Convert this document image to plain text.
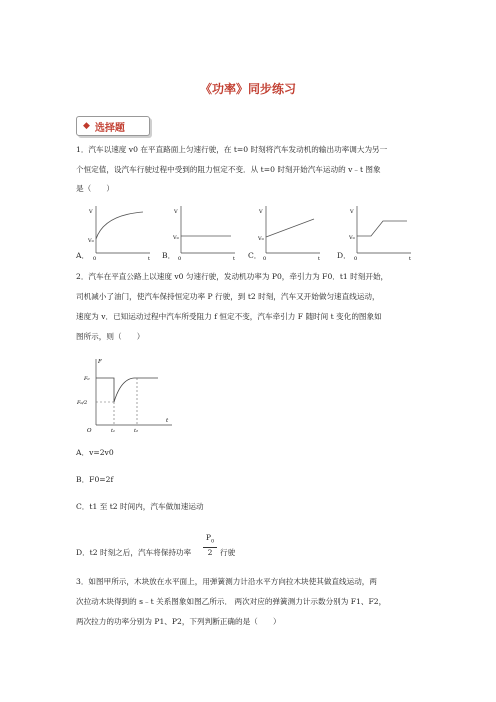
《功率》同步练习
◆ 选择题
1．汽车以速度 v0 在平直路面上匀速行驶，在 t=0 时刻将汽车发动机的输出功率调大为另一
个恒定值，设汽车行驶过程中受到的阻力恒定不变．从 t=0 时刻开始汽车运动的 v﹣t 图象
是（　　）
V
V₀
0	t
A．
V
V₀
0	t
B．
V
V₀
0	t
C．
V
V₀
0	t
D．
2．汽车在平直公路上以速度 v0 匀速行驶，发动机功率为 P0，牵引力为 F0．t1 时刻开始，
司机减小了油门，使汽车保持恒定功率 P 行驶，到 t2 时刻，汽车又开始做匀速直线运动，
速度为 v．已知运动过程中汽车所受阻力 f 恒定不变，汽车牵引力 F 随时间 t 变化的图象如
图所示，则（　　）
F
F₀
F₀/2
O	t₁	t₂
t
A．v=2v0
B．F0=2f
C．t1 至 t2 时间内，汽车做加速运动
D．t2 时刻之后，汽车将保持功率
$P_0$
2 行驶
3．如图甲所示，木块放在水平面上，用弹簧测力计沿水平方向拉木块使其做直线运动，两
次拉动木块得到的 s﹣t 关系图象如图乙所示． 两次对应的弹簧测力计示数分别为 F1、F2，
两次拉力的功率分别为 P1、P2，下列判断正确的是（　　）
